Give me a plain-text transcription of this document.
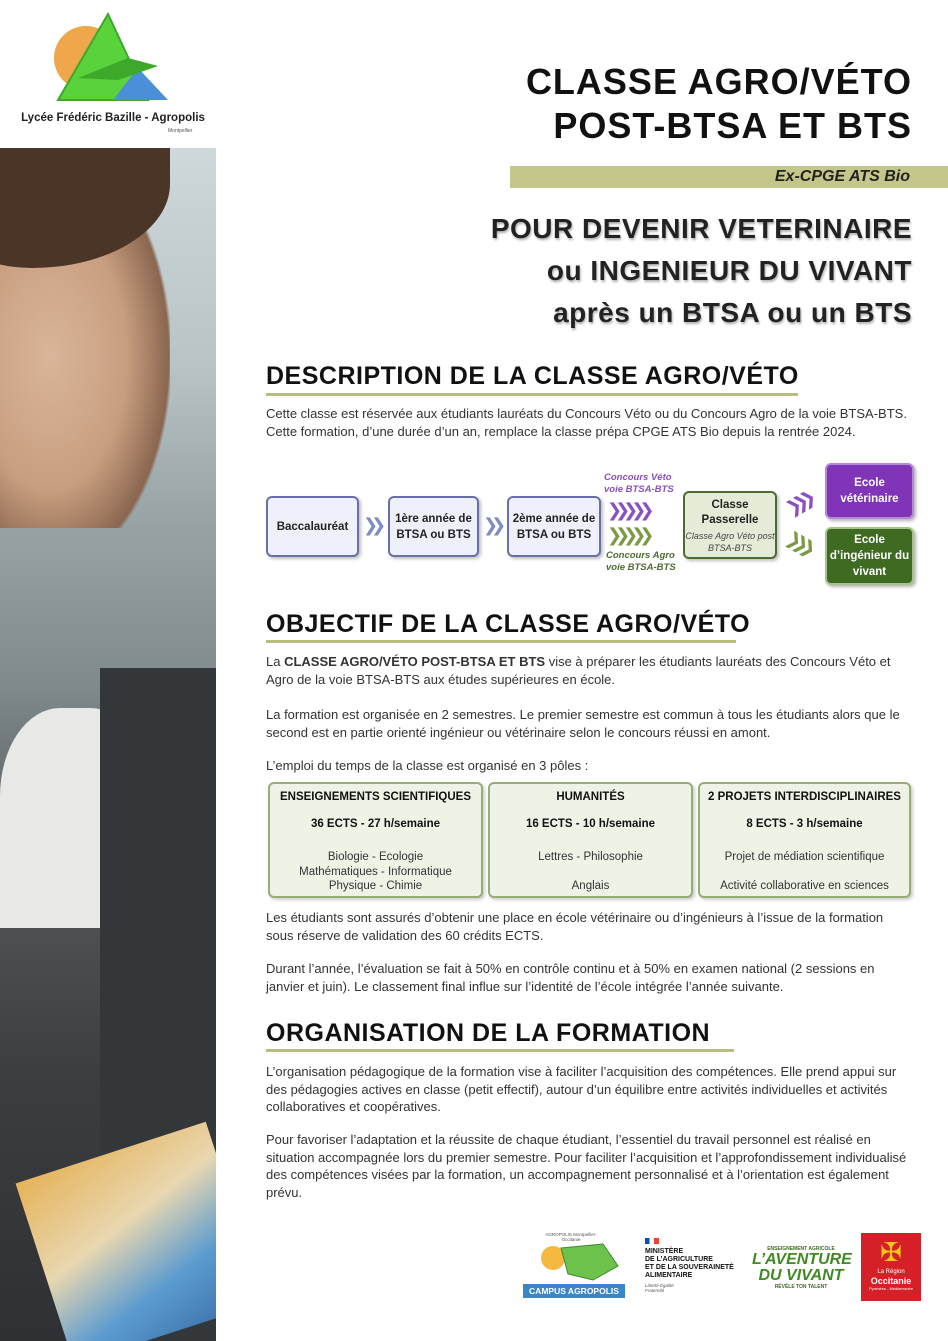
Lycée Frédéric Bazille - Agropolis
Montpellier
CLASSE AGRO/VÉTO
POST-BTSA ET BTS
Ex-CPGE ATS Bio
POUR DEVENIR VETERINAIRE
ou INGENIEUR DU VIVANT
après un BTSA ou un BTS
DESCRIPTION DE LA CLASSE AGRO/VÉTO
Cette classe est réservée aux étudiants lauréats du Concours Véto ou du Concours Agro de la voie BTSA-BTS. Cette formation, d’une durée d’un an, remplace la classe prépa CPGE ATS Bio depuis la rentrée 2024.
Baccalauréat ❯❯	1ère année de BTSA ou BTS ❯❯	2ème année de BTSA ou BTS
Concours Véto voie BTSA-BTS
❯❯❯❯❯
❯❯❯❯❯
Concours Agro voie BTSA-BTS
Classe Passerelle
Classe Agro Véto post BTSA-BTS
❯❯❯
❯❯❯
Ecole vétérinaire
Ecole d’ingénieur du vivant
OBJECTIF DE LA CLASSE AGRO/VÉTO
La CLASSE AGRO/VÉTO POST-BTSA ET BTS vise à préparer les étudiants lauréats des Concours Véto et Agro de la voie BTSA-BTS aux études supérieures en école.
La formation est organisée en 2 semestres. Le premier semestre est commun à tous les étudiants alors que le second est en partie orienté ingénieur ou vétérinaire selon le concours réussi en amont.
L’emploi du temps de la classe est organisé en 3 pôles :
ENSEIGNEMENTS SCIENTIFIQUES
36 ECTS - 27 h/semaine
Biologie - Ecologie
Mathématiques - Informatique
Physique - Chimie
HUMANITÉS
16 ECTS - 10 h/semaine
Lettres - Philosophie
Anglais
2 PROJETS INTERDISCIPLINAIRES
8 ECTS - 3 h/semaine
Projet de médiation scientifique
Activité collaborative en sciences
Les étudiants sont assurés d’obtenir une place en école vétérinaire ou d’ingénieurs à l’issue de la formation sous réserve de validation des 60 crédits ECTS.
Durant l’année, l’évaluation se fait à 50% en contrôle continu et à 50% en examen national (2 sessions en janvier et juin). Le classement final influe sur l’identité de l’école intégrée l’année suivante.
ORGANISATION DE LA FORMATION
L’organisation pédagogique de la formation vise à faciliter l’acquisition des compétences. Elle prend appui sur des pédagogies actives en classe (petit effectif), autour d’un équilibre entre activités individuelles et activités collaboratives et coopératives.
Pour favoriser l’adaptation et la réussite de chaque étudiant, l’essentiel du travail personnel est réalisé en situation accompagnée lors du premier semestre. Pour faciliter l’acquisition et l’approfondissement individualisé des compétences visées par la formation, un accompagnement personnalisé et à l’orientation est également prévu.
AGROPOLIS Montpellier-Occitanie
CAMPUS AGROPOLIS
MINISTÈRE
DE L’AGRICULTURE
ET DE LA SOUVERAINETÉ
ALIMENTAIRE
Liberté Égalité Fraternité
ENSEIGNEMENT AGRICOLE
L’AVENTURE
DU VIVANT
RÉVÈLE TON TALENT
✠
La Région
Occitanie
Pyrénées - Méditerranée
